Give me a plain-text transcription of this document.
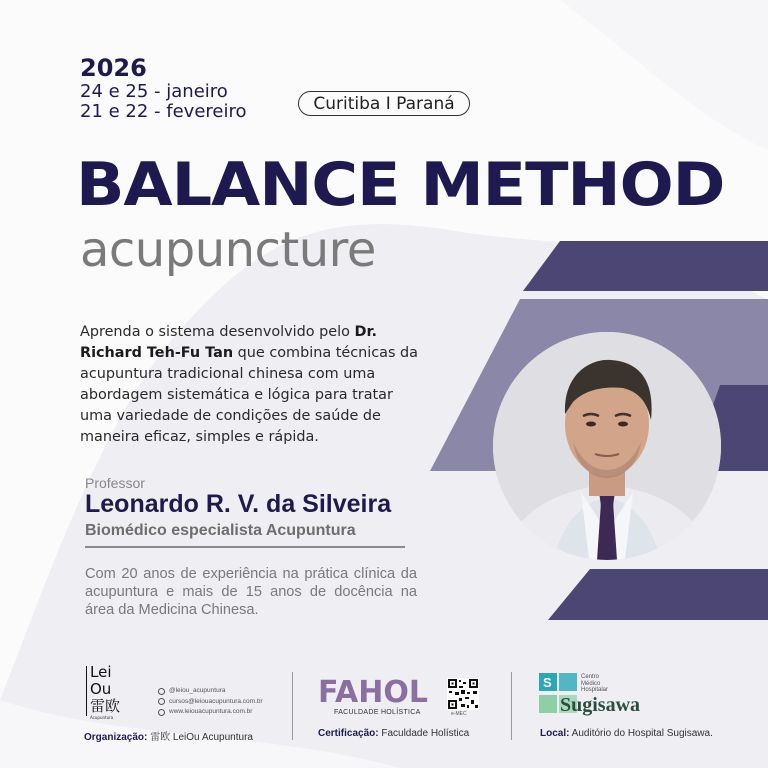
2026
24 e 25 - janeiro
21 e 22 - fevereiro	Curitiba I Paraná
BALANCE METHOD
acupuncture
Aprenda o sistema desenvolvido pelo Dr. Richard Teh-Fu Tan que combina técnicas da acupuntura tradicional chinesa com uma abordagem sistemática e lógica para tratar uma variedade de condições de saúde de maneira eficaz, simples e rápida.
Professor
Leonardo R. V. da Silveira
Biomédico especialista Acupuntura
Com 20 anos de experiência na prática clínica da acupuntura e mais de 15 anos de docência na área da Medicina Chinesa.
Lei
Ou
雷欧
Acupuntura
@leiou_acupuntura
cursos@leiouacupuntura.com.br
www.leiouacupuntura.com.br
Organização: 雷欧 LeiOu Acupuntura
FAHOL
FACULDADE HOLÍSTICA	e-MEC
Certificação: Faculdade Holística
S	Centro
Médico
Hospitalar
Sugisawa
Local: Auditório do Hospital Sugisawa.
